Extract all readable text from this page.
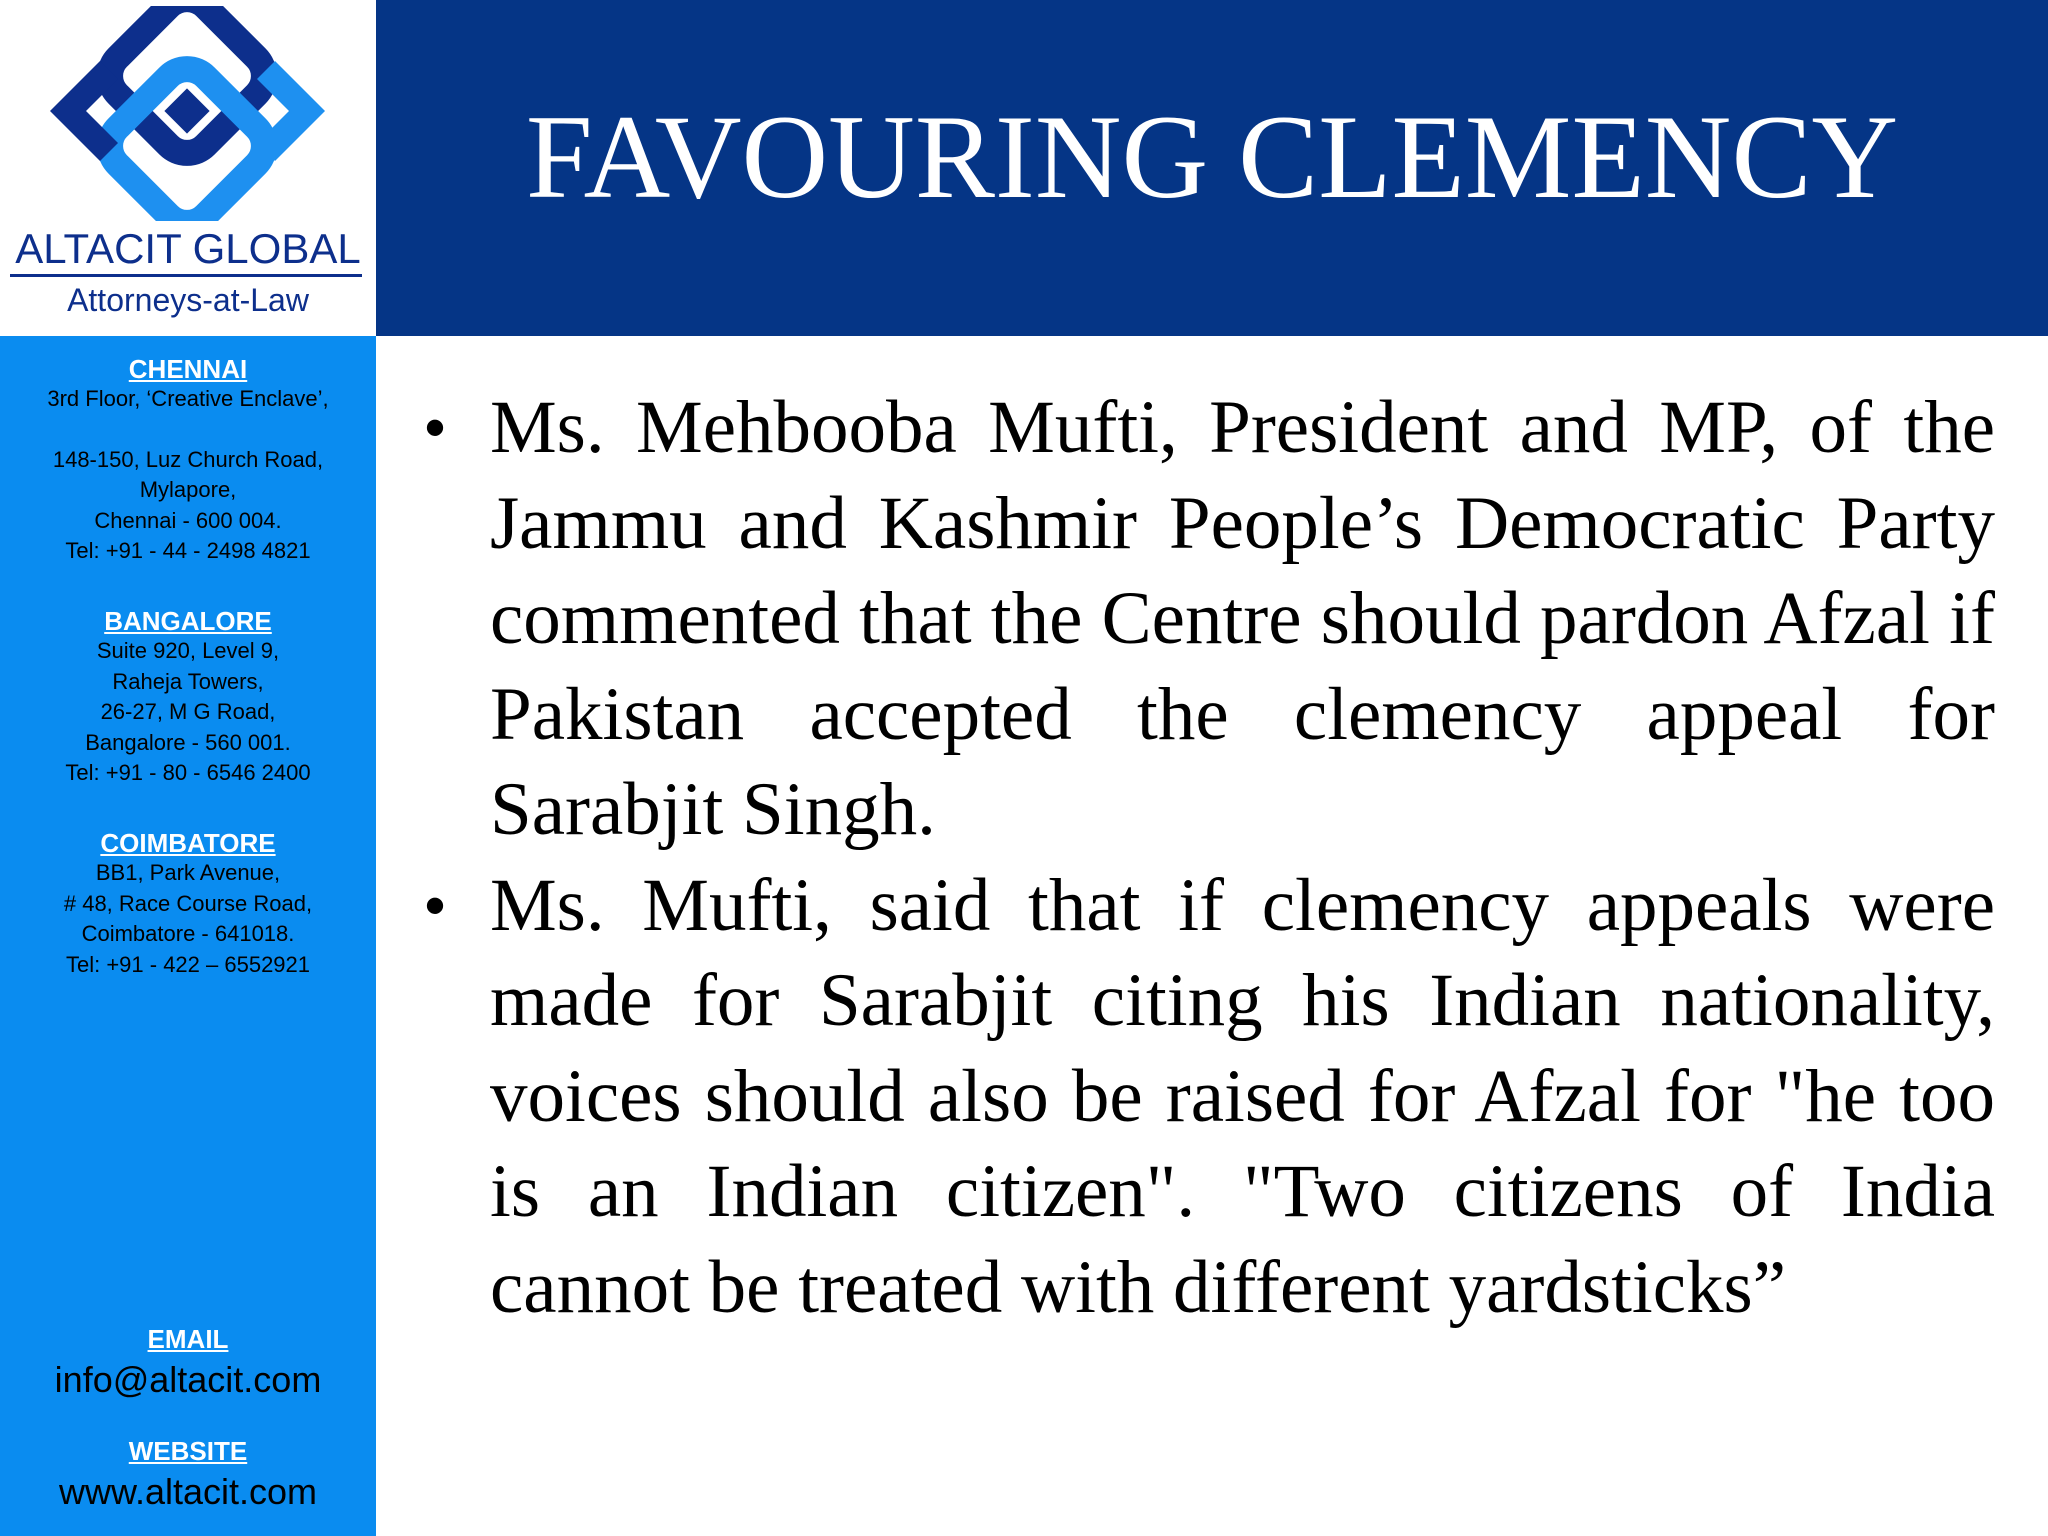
ALTACIT GLOBAL
Attorneys-at-Law
CHENNAI
3rd Floor, ‘Creative Enclave’,
148-150, Luz Church Road,
Mylapore,
Chennai - 600 004.
Tel: +91 - 44 - 2498 4821
BANGALORE
Suite 920, Level 9,
Raheja Towers,
26-27, M G Road,
Bangalore - 560 001.
Tel: +91 - 80 - 6546 2400
COIMBATORE
BB1, Park Avenue,
# 48, Race Course Road,
Coimbatore - 641018.
Tel: +91 - 422 – 6552921
EMAIL
info@altacit.com
WEBSITE
www.altacit.com
FAVOURING CLEMENCY
• Ms. Mehbooba Mufti, President and MP, of the Jammu and Kashmir People’s Democratic Party commented that the Centre should pardon Afzal if Pakistan accepted the clemency appeal for Sarabjit Singh.
• Ms. Mufti, said that if clemency appeals were made for Sarabjit citing his Indian nationality, voices should also be raised for Afzal for "he too is an Indian citizen". "Two citizens of India cannot be treated with different yardsticks”
